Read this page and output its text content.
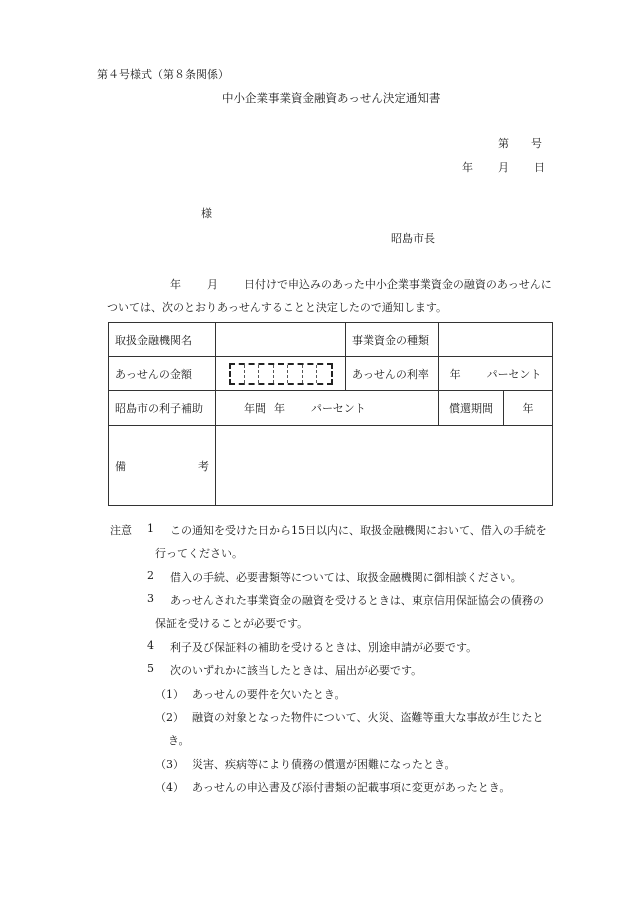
第４号様式（第８条関係）
中小企業事業資金融資あっせん決定通知書
第 号
年 月 日
様
昭島市長
年 月 日付けで申込みのあった中小企業事業資金の融資のあっせんに
ついては、次のとおりあっせんすることと決定したので通知します。
取扱金融機関名		事業資金の種類	
あっせんの金額		あっせんの利率	年 パーセント
昭島市の利子補助	年間 年 パーセント		償還期間 年

備 考			

注意 1 この通知を受けた日から15日以内に、取扱金融機関において、借入の手続を
行ってください。
2 借入の手続、必要書類等については、取扱金融機関に御相談ください。
3 あっせんされた事業資金の融資を受けるときは、東京信用保証協会の債務の
保証を受けることが必要です。
4 利子及び保証料の補助を受けるときは、別途申請が必要です。
5 次のいずれかに該当したときは、届出が必要です。
（1） あっせんの要件を欠いたとき。
（2） 融資の対象となった物件について、火災、盗難等重大な事故が生じたと
き。
（3） 災害、疾病等により債務の償還が困難になったとき。
（4） あっせんの申込書及び添付書類の記載事項に変更があったとき。
